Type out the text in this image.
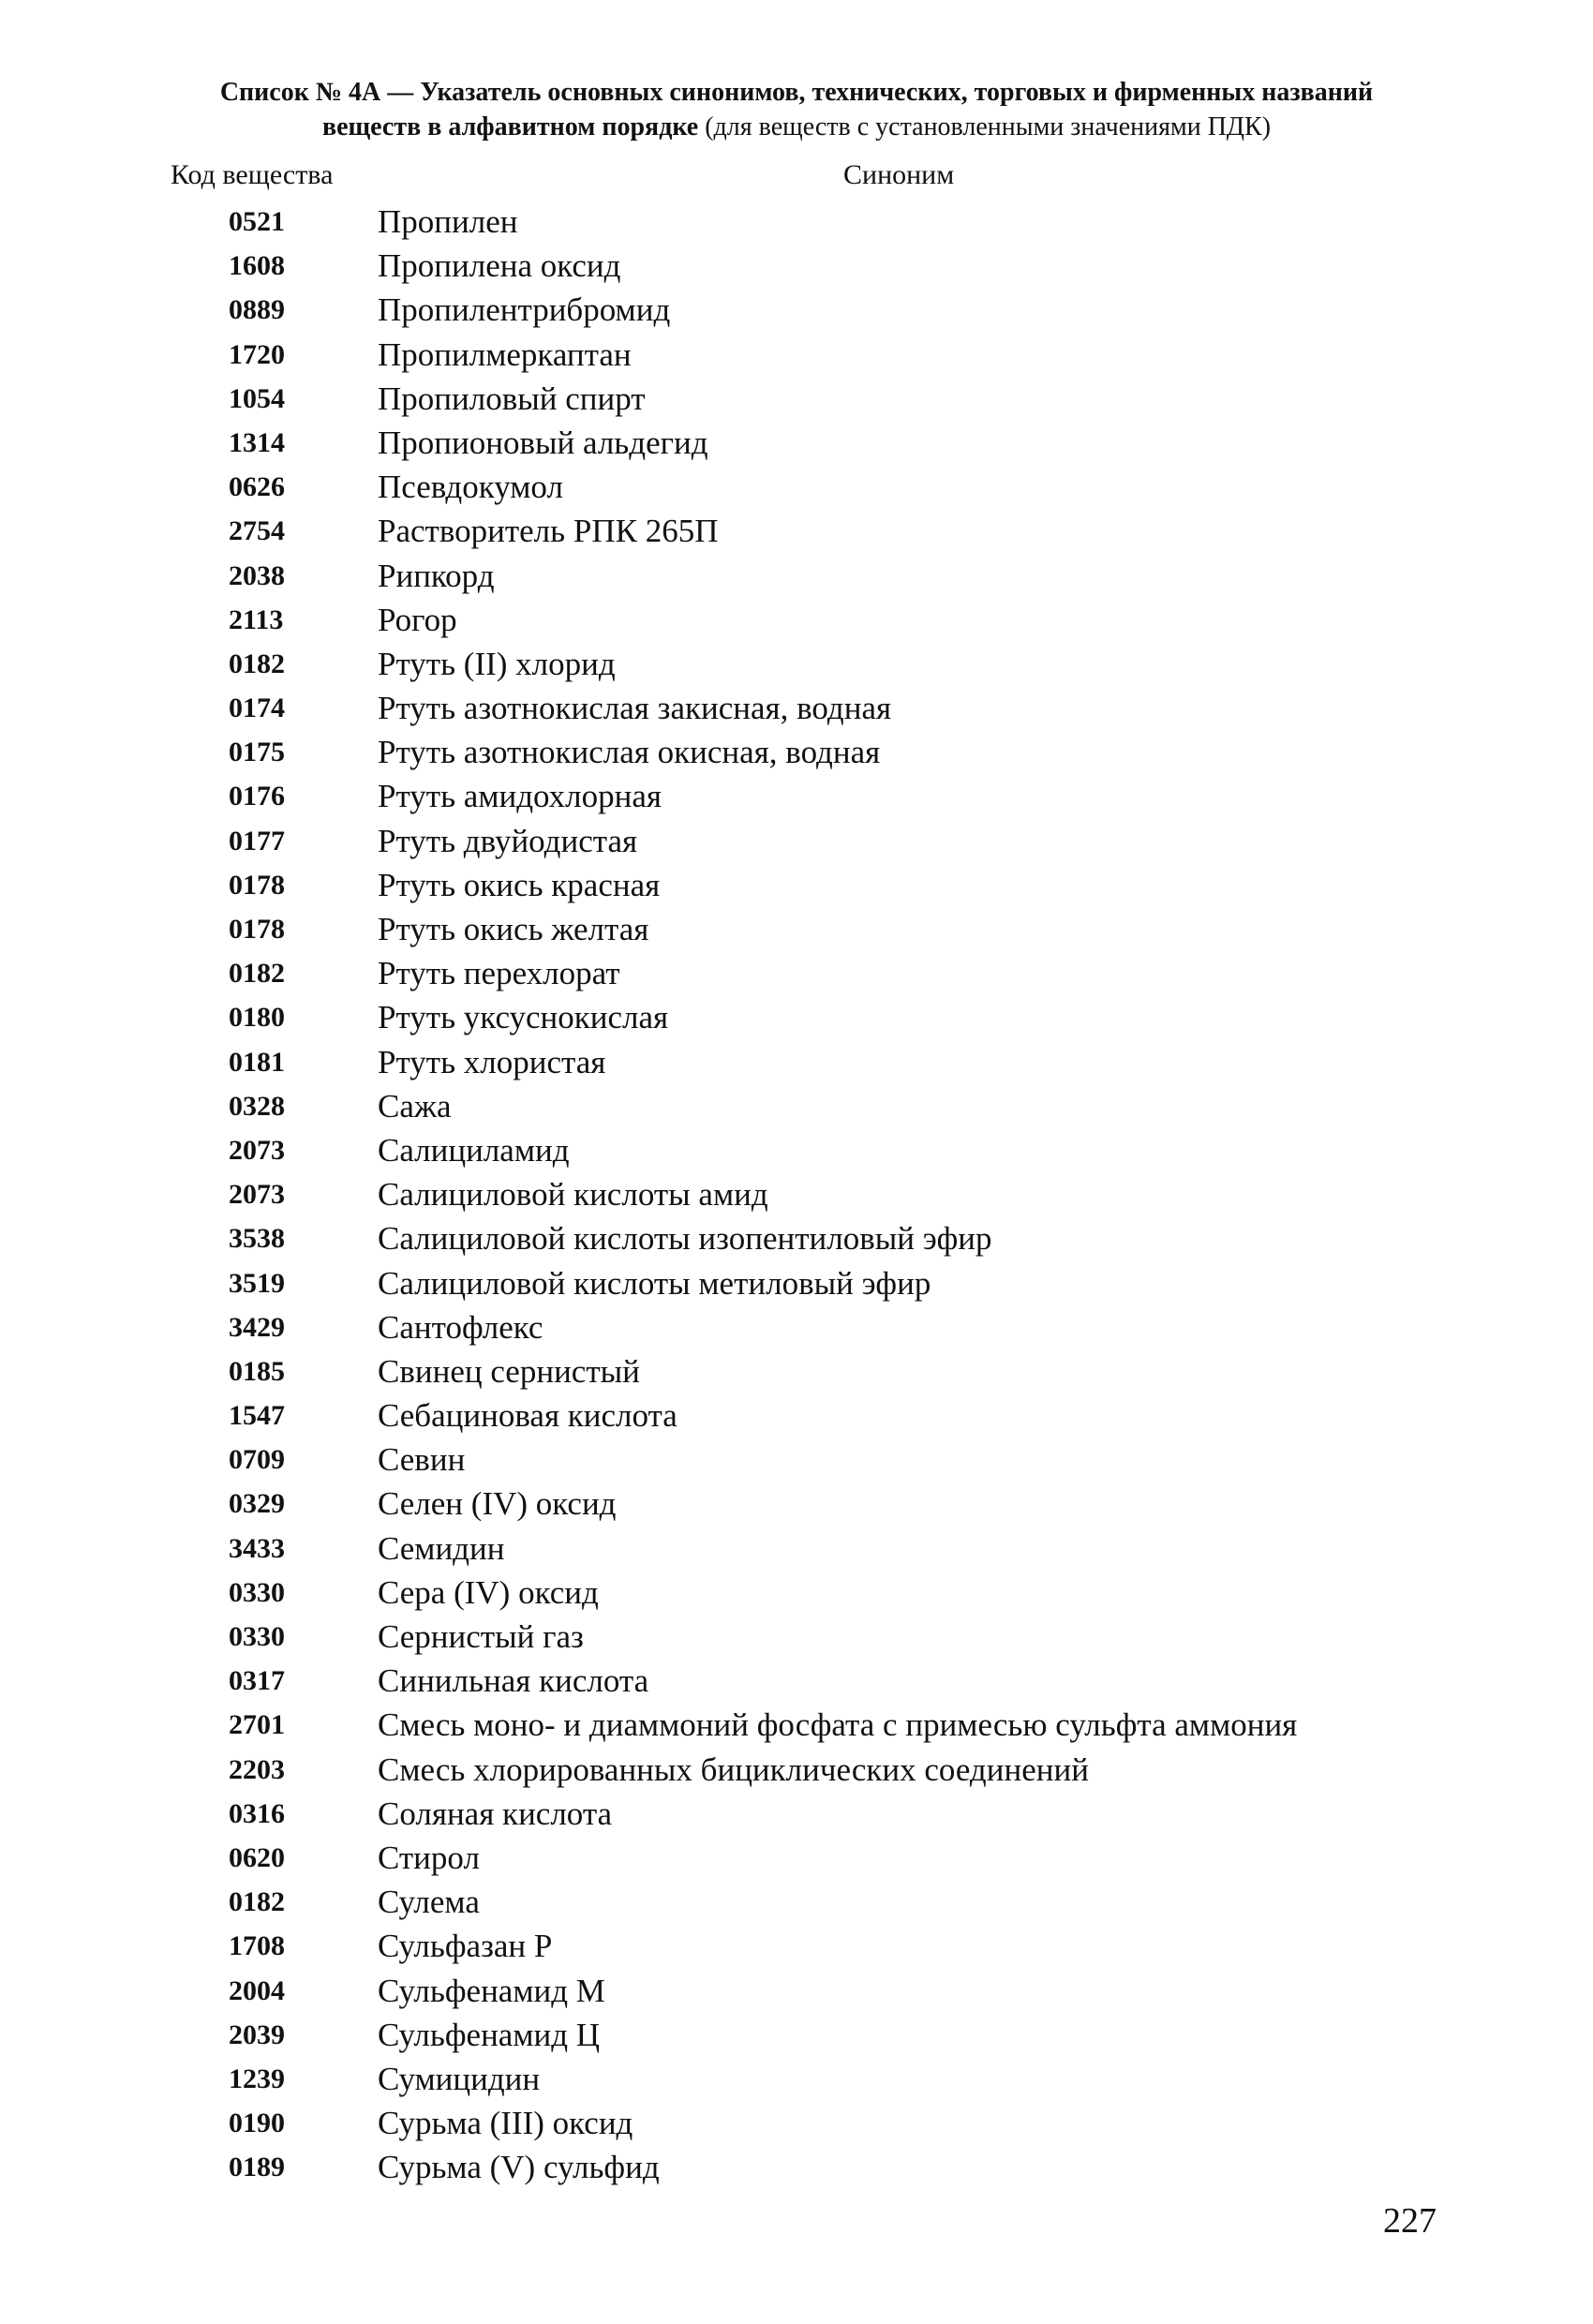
Список № 4А — Указатель основных синонимов, технических, торговых и фирменных названий
веществ в алфавитном порядке (для веществ с установленными значениями ПДК)
Код вещества	Синоним
0521	Пропилен
1608	Пропилена оксид
0889	Пропилентрибромид
1720	Пропилмеркаптан
1054	Пропиловый спирт
1314	Пропионовый альдегид
0626	Псевдокумол
2754	Растворитель РПК 265П
2038	Рипкорд
2113	Рогор
0182	Ртуть (II) хлорид
0174	Ртуть азотнокислая закисная, водная
0175	Ртуть азотнокислая окисная, водная
0176	Ртуть амидохлорная
0177	Ртуть двуйодистая
0178	Ртуть окись красная
0178	Ртуть окись желтая
0182	Ртуть перехлорат
0180	Ртуть уксуснокислая
0181	Ртуть хлористая
0328	Сажа
2073	Салициламид
2073	Салициловой кислоты амид
3538	Салициловой кислоты изопентиловый эфир
3519	Салициловой кислоты метиловый эфир
3429	Сантофлекс
0185	Свинец сернистый
1547	Себациновая кислота
0709	Севин
0329	Селен (IV) оксид
3433	Семидин
0330	Сера (IV) оксид
0330	Сернистый газ
0317	Синильная кислота
2701	Смесь моно- и диаммоний фосфата с примесью сульфта аммония
2203	Смесь хлорированных бициклических соединений
0316	Соляная кислота
0620	Стирол
0182	Сулема
1708	Сульфазан Р
2004	Сульфенамид М
2039	Сульфенамид Ц
1239	Сумицидин
0190	Сурьма (III) оксид
0189	Сурьма (V) сульфид
227
